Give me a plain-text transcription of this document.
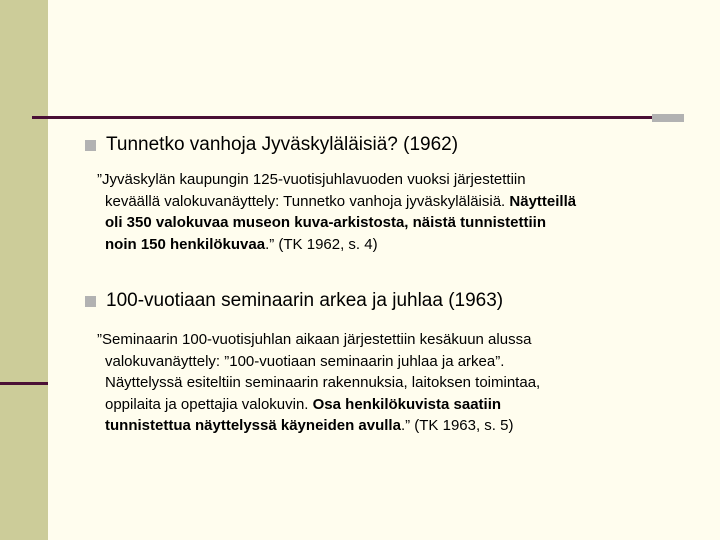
Tunnetko vanhoja Jyväskyläläisiä? (1962)
”Jyväskylän kaupungin 125-vuotisjuhlavuoden vuoksi järjestettiin
keväällä valokuvanäyttely: Tunnetko vanhoja jyväskyläläisiä. Näytteillä
oli 350 valokuvaa museon kuva-arkistosta, näistä tunnistettiin
noin 150 henkilökuvaa.” (TK 1962, s. 4)
100-vuotiaan seminaarin arkea ja juhlaa (1963)
”Seminaarin 100-vuotisjuhlan aikaan järjestettiin kesäkuun alussa
valokuvanäyttely: ”100-vuotiaan seminaarin juhlaa ja arkea”.
Näyttelyssä esiteltiin seminaarin rakennuksia, laitoksen toimintaa,
oppilaita ja opettajia valokuvin. Osa henkilökuvista saatiin
tunnistettua näyttelyssä käyneiden avulla.” (TK 1963, s. 5)
